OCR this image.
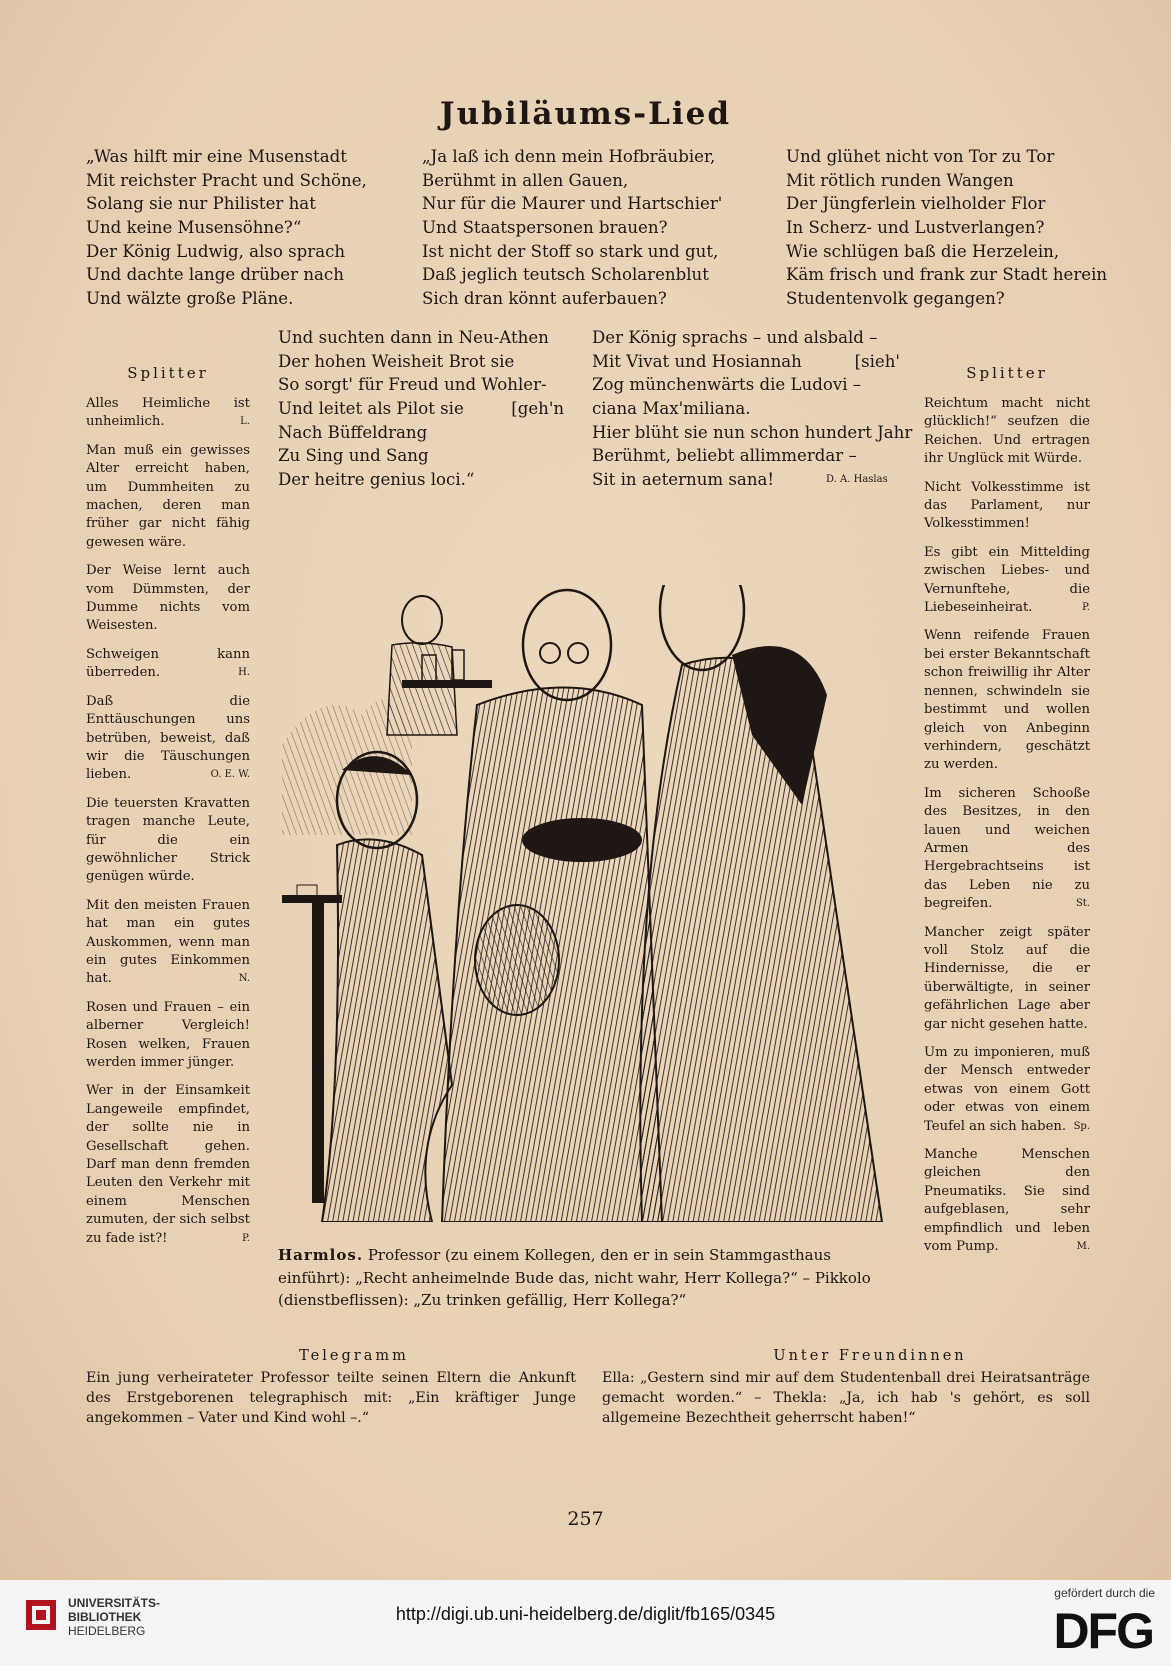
Jubiläums-Lied
„Was hilft mir eine Musenstadt
Mit reichster Pracht und Schöne,
Solang sie nur Philister hat
Und keine Musensöhne?“
Der König Ludwig, also sprach
Und dachte lange drüber nach
Und wälzte große Pläne.
„Ja laß ich denn mein Hofbräubier,
Berühmt in allen Gauen,
Nur für die Maurer und Hartschier'
Und Staatspersonen brauen?
Ist nicht der Stoff so stark und gut,
Daß jeglich teutsch Scholarenblut
Sich dran könnt auferbauen?
Und glühet nicht von Tor zu Tor
Mit rötlich runden Wangen
Der Jüngferlein vielholder Flor
In Scherz- und Lustverlangen?
Wie schlügen baß die Herzelein,
Käm frisch und frank zur Stadt herein
Studentenvolk gegangen?
Und suchten dann in Neu-Athen
Der hohen Weisheit Brot sie
So sorgt' für Freud und Wohler-
Und leitet als Pilot sie         [geh'n
Nach Büffeldrang
Zu Sing und Sang
Der heitre genius loci.“
Der König sprachs – und alsbald –
Mit Vivat und Hosiannah          [sieh'
Zog münchenwärts die Ludovi –
ciana Max'miliana.
Hier blüht sie nun schon hundert Jahr
Berühmt, beliebt allimmerdar –
Sit in aeternum sana!	D. A. Haslas
Splitter

Alles Heimliche ist unheimlich.	L.

Man muß ein gewisses Alter erreicht haben, um Dummheiten zu machen, deren man früher gar nicht fähig gewesen wäre.

Der Weise lernt auch vom Dümmsten, der Dumme nichts vom Weisesten.

Schweigen kann überreden.	H.

Daß die Enttäuschungen uns betrüben, beweist, daß wir die Täuschungen lieben.	O. E. W.

Die teuersten Kravatten tragen manche Leute, für die ein gewöhnlicher Strick genügen würde.

Mit den meisten Frauen hat man ein gutes Auskommen, wenn man ein gutes Einkommen hat.	N.

Rosen und Frauen – ein alberner Vergleich! Rosen welken, Frauen werden immer jünger.

Wer in der Einsamkeit Langeweile empfindet, der sollte nie in Gesellschaft gehen. Darf man denn fremden Leuten den Verkehr mit einem Menschen zumuten, der sich selbst zu fade ist?!	P.

Splitter

Reichtum macht nicht glücklich!“ seufzen die Reichen. Und ertragen ihr Unglück mit Würde.

Nicht Volkesstimme ist das Parlament, nur Volkesstimmen!

Es gibt ein Mittelding zwischen Liebes- und Vernunftehe, die Liebeseinheirat.	P.

Wenn reifende Frauen bei erster Bekanntschaft schon freiwillig ihr Alter nennen, schwindeln sie bestimmt und wollen gleich von Anbeginn verhindern, geschätzt zu werden.

Im sicheren Schooße des Besitzes, in den lauen und weichen Armen des Hergebrachtseins ist das Leben nie zu begreifen.	St.

Mancher zeigt später voll Stolz auf die Hindernisse, die er überwältigte, in seiner gefährlichen Lage aber gar nicht gesehen hatte.

Um zu imponieren, muß der Mensch entweder etwas von einem Gott oder etwas von einem Teufel an sich haben. Sp.

Manche Menschen gleichen den Pneumatiks. Sie sind aufgeblasen, sehr empfindlich und leben vom Pump.	M.

Harmlos. Professor (zu einem Kollegen, den er in sein Stammgasthaus einführt): „Recht anheimelnde Bude das, nicht wahr, Herr Kollega?“ – Pikkolo (dienstbeflissen): „Zu trinken gefällig, Herr Kollega?“
Telegramm
Ein jung verheirateter Professor teilte seinen Eltern die Ankunft des Erstgeborenen telegraphisch mit: „Ein kräftiger Junge angekommen – Vater und Kind wohl –.“
Unter Freundinnen
Ella: „Gestern sind mir auf dem Studentenball drei Heiratsanträge gemacht worden.“ – Thekla: „Ja, ich hab 's gehört, es soll allgemeine Bezechtheit geherrscht haben!“
257
UNIVERSITÄTS-
BIBLIOTHEK
HEIDELBERG
http://digi.ub.uni-heidelberg.de/diglit/fb165/0345
gefördert durch die
DFG
